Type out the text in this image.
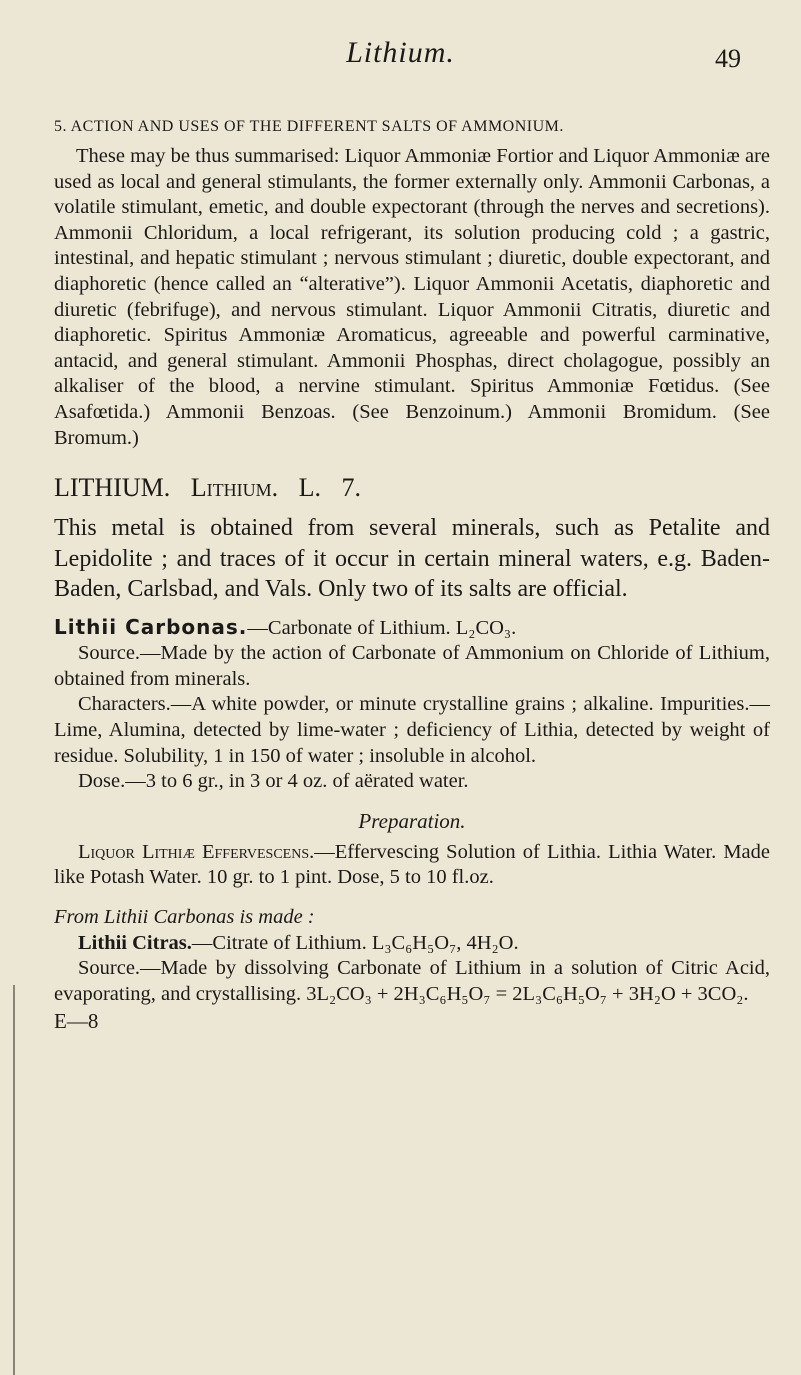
Lithium.	49
5. ACTION AND USES OF THE DIFFERENT SALTS OF AMMONIUM.

These may be thus summarised: Liquor Ammoniæ Fortior and Liquor Ammoniæ are used as local and general stimulants, the former externally only. Ammonii Carbonas, a volatile stimulant, emetic, and double expectorant (through the nerves and secretions). Ammonii Chloridum, a local refrigerant, its solution producing cold ; a gastric, intestinal, and hepatic stimulant ; nervous stimulant ; diuretic, double expectorant, and diaphoretic (hence called an “alterative”). Liquor Ammonii Acetatis, diaphoretic and diuretic (febrifuge), and nervous stimulant. Liquor Ammonii Citratis, diuretic and diaphoretic. Spiritus Ammoniæ Aromaticus, agreeable and powerful carminative, antacid, and general stimulant. Ammonii Phosphas, direct cholagogue, possibly an alkaliser of the blood, a nervine stimulant. Spiritus Ammoniæ Fœtidus. (See Asafœtida.) Ammonii Benzoas. (See Benzoinum.) Ammonii Bromidum. (See Bromum.)

LITHIUM. Lithium. L. 7.

This metal is obtained from several minerals, such as Petalite and Lepidolite ; and traces of it occur in certain mineral waters, e.g. Baden-Baden, Carlsbad, and Vals. Only two of its salts are official.

Lithii Carbonas.—Carbonate of Lithium. L₂CO₃.

Source.—Made by the action of Carbonate of Ammonium on Chloride of Lithium, obtained from minerals.

Characters.—A white powder, or minute crystalline grains ; alkaline. Impurities.—Lime, Alumina, detected by lime-water ; deficiency of Lithia, detected by weight of residue. Solubility, 1 in 150 of water ; insoluble in alcohol.

Dose.—3 to 6 gr., in 3 or 4 oz. of aërated water.

Preparation.

Liquor Lithiæ Effervescens.—Effervescing Solution of Lithia. Lithia Water. Made like Potash Water. 10 gr. to 1 pint. Dose, 5 to 10 fl.oz.

From Lithii Carbonas is made :

Lithii Citras.—Citrate of Lithium. L₃C₆H₅O₇, 4H₂O.

Source.—Made by dissolving Carbonate of Lithium in a solution of Citric Acid, evaporating, and crystallising. 3L₂CO₃ + 2H₃C₆H₅O₇ = 2L₃C₆H₅O₇ + 3H₂O + 3CO₂.

E—8
